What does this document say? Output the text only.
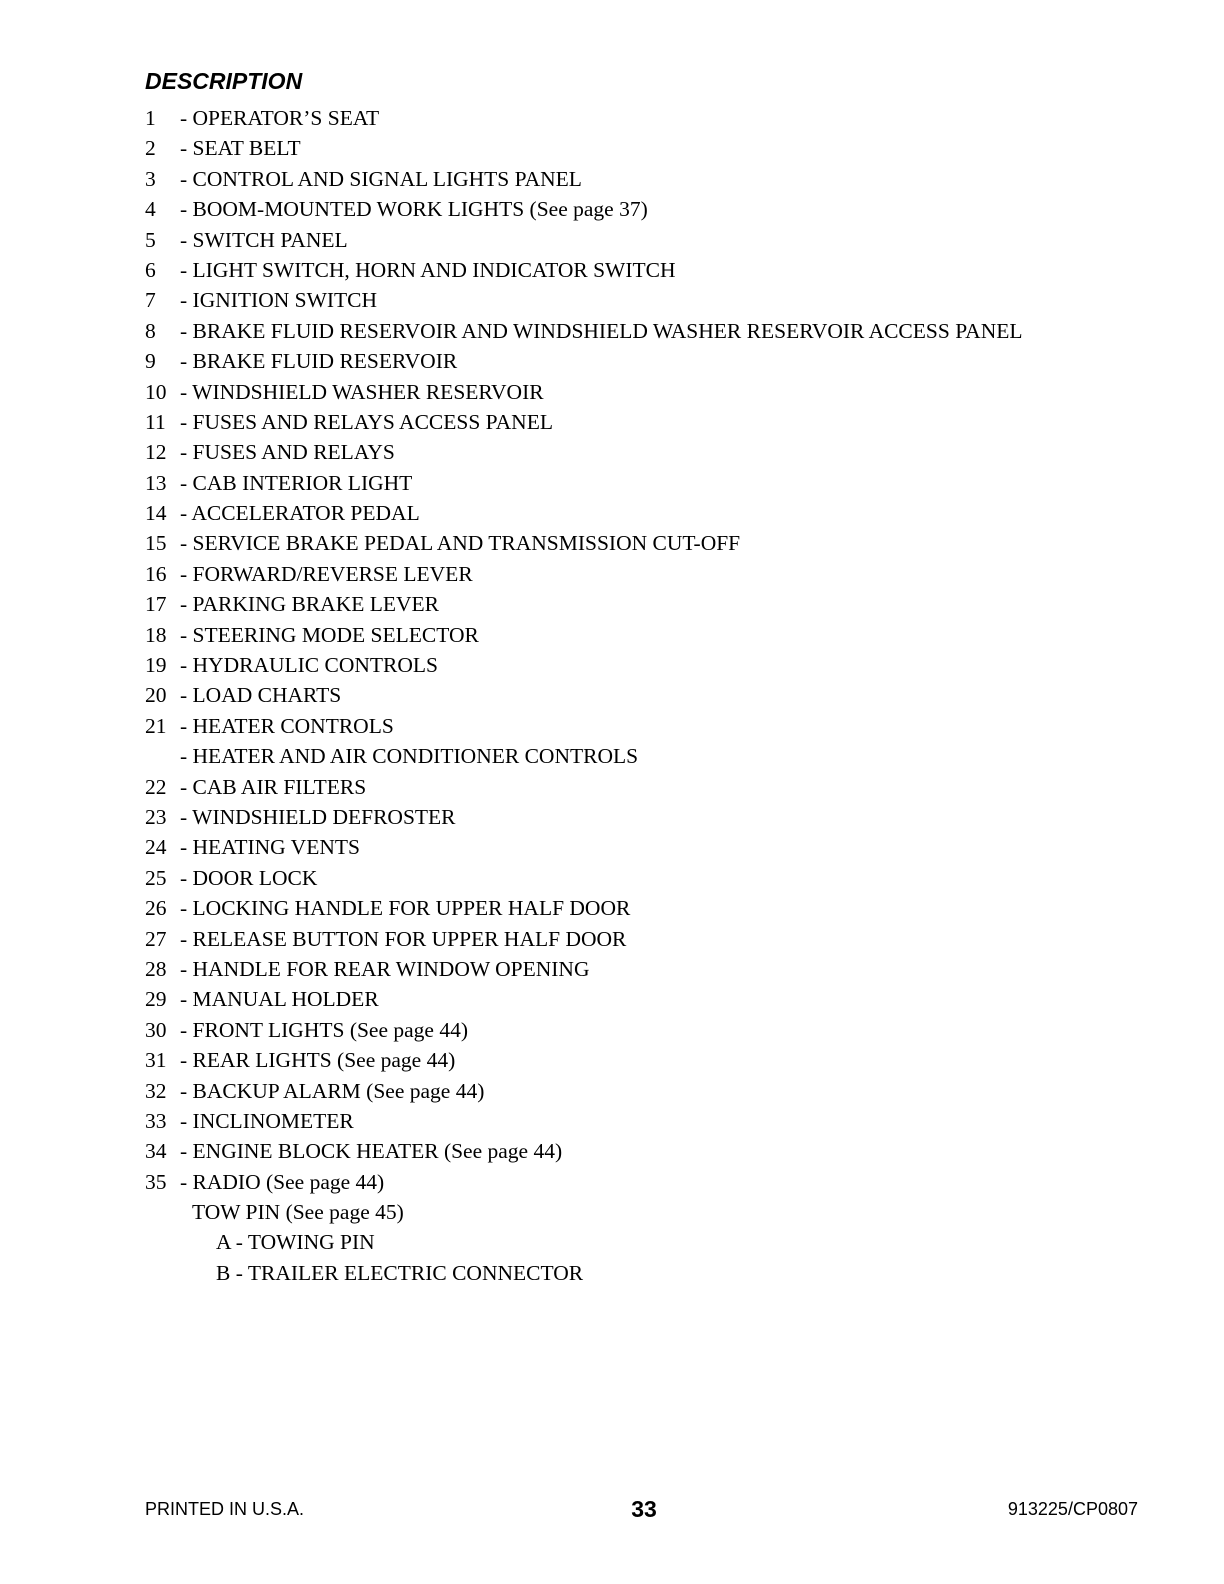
DESCRIPTION
1 - OPERATOR’S SEAT
2 - SEAT BELT
3 - CONTROL AND SIGNAL LIGHTS PANEL
4 - BOOM-MOUNTED WORK LIGHTS (See page 37)
5 - SWITCH PANEL
6 - LIGHT SWITCH, HORN AND INDICATOR SWITCH
7 - IGNITION SWITCH
8 - BRAKE FLUID RESERVOIR AND WINDSHIELD WASHER RESERVOIR ACCESS PANEL
9 - BRAKE FLUID RESERVOIR
10 - WINDSHIELD WASHER RESERVOIR
11 - FUSES AND RELAYS ACCESS PANEL
12 - FUSES AND RELAYS
13 - CAB INTERIOR LIGHT
14 - ACCELERATOR PEDAL
15 - SERVICE BRAKE PEDAL AND TRANSMISSION CUT-OFF
16 - FORWARD/REVERSE LEVER
17 - PARKING BRAKE LEVER
18 - STEERING MODE SELECTOR
19 - HYDRAULIC CONTROLS
20 - LOAD CHARTS
21 - HEATER CONTROLS
- HEATER AND AIR CONDITIONER CONTROLS
22 - CAB AIR FILTERS
23 - WINDSHIELD DEFROSTER
24 - HEATING VENTS
25 - DOOR LOCK
26 - LOCKING HANDLE FOR UPPER HALF DOOR
27 - RELEASE BUTTON FOR UPPER HALF DOOR
28 - HANDLE FOR REAR WINDOW OPENING
29 - MANUAL HOLDER
30 - FRONT LIGHTS (See page 44)
31 - REAR LIGHTS (See page 44)
32 - BACKUP ALARM (See page 44)
33 - INCLINOMETER
34 - ENGINE BLOCK HEATER (See page 44)
35 - RADIO (See page 44)
TOW PIN (See page 45)
A - TOWING PIN
B - TRAILER ELECTRIC CONNECTOR
PRINTED IN U.S.A.	33	913225/CP0807
